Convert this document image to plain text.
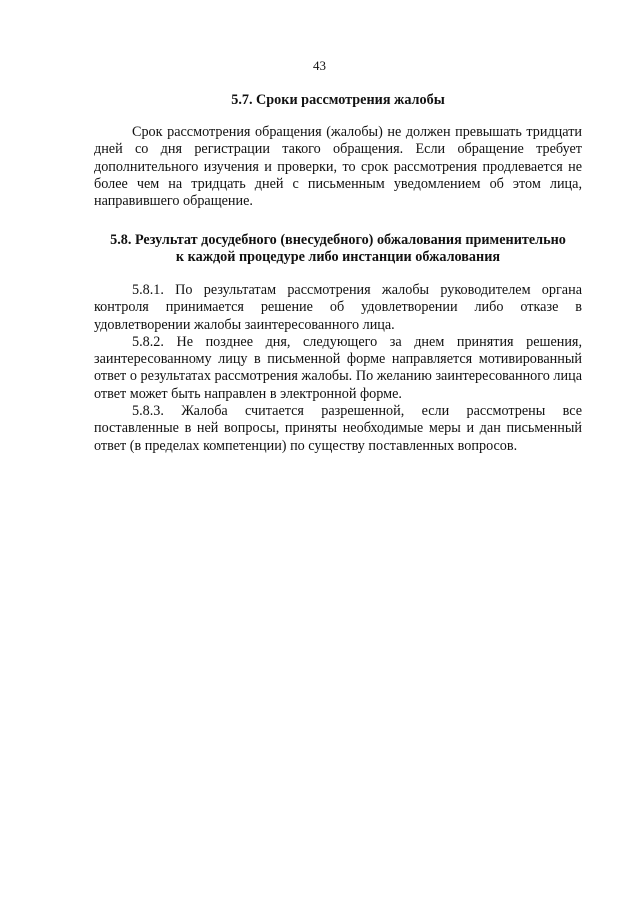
43

5.7. Сроки рассмотрения жалобы

Срок рассмотрения обращения (жалобы) не должен превышать тридцати дней со дня регистрации такого обращения. Если обращение требует дополнительного изучения и проверки, то срок рассмотрения продлевается не более чем на тридцать дней с письменным уведомлением об этом лица, направившего обращение.

5.8. Результат досудебного (внесудебного) обжалования применительно

к каждой процедуре либо инстанции обжалования

5.8.1. По результатам рассмотрения жалобы руководителем органа контроля принимается решение об удовлетворении либо отказе в удовлетворении жалобы заинтересованного лица.

5.8.2. Не позднее дня, следующего за днем принятия решения, заинтересованному лицу в письменной форме направляется мотивированный ответ о результатах рассмотрения жалобы. По желанию заинтересованного лица ответ может быть направлен в электронной форме.

5.8.3. Жалоба считается разрешенной, если рассмотрены все поставленные в ней вопросы, приняты необходимые меры и дан письменный ответ (в пределах компетенции) по существу поставленных вопросов.
